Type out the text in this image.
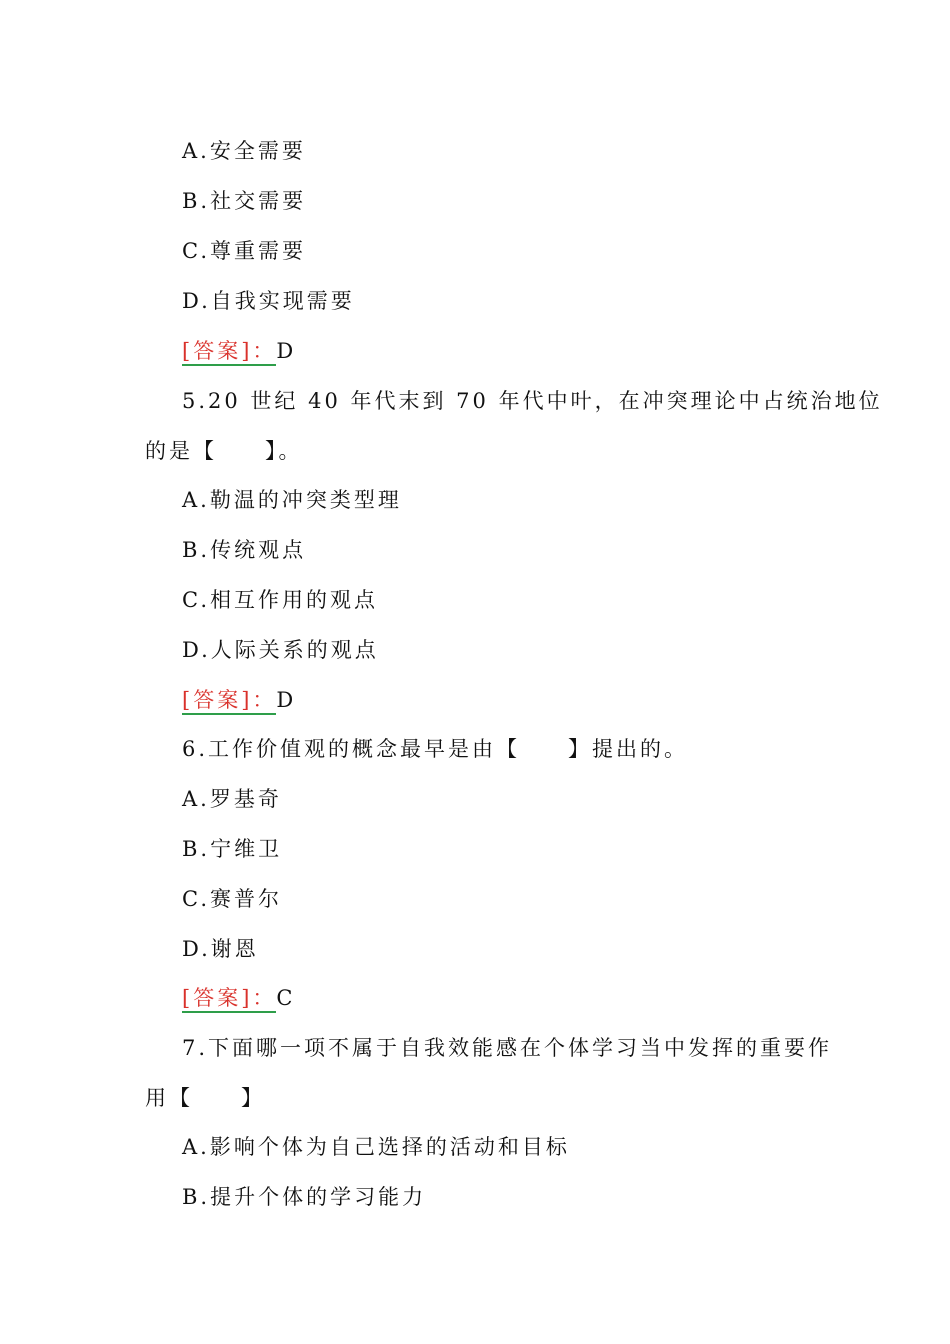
A.安全需要
B.社交需要
C.尊重需要
D.自我实现需要
[答案]：D
5.20 世纪 40 年代末到 70 年代中叶，在冲突理论中占统治地位
的是【　　】。
A.勒温的冲突类型理
B.传统观点
C.相互作用的观点
D.人际关系的观点
[答案]：D
6.工作价值观的概念最早是由【　　】提出的。
A.罗基奇
B.宁维卫
C.赛普尔
D.谢恩
[答案]：C
7.下面哪一项不属于自我效能感在个体学习当中发挥的重要作
用【　　】
A.影响个体为自己选择的活动和目标
B.提升个体的学习能力
